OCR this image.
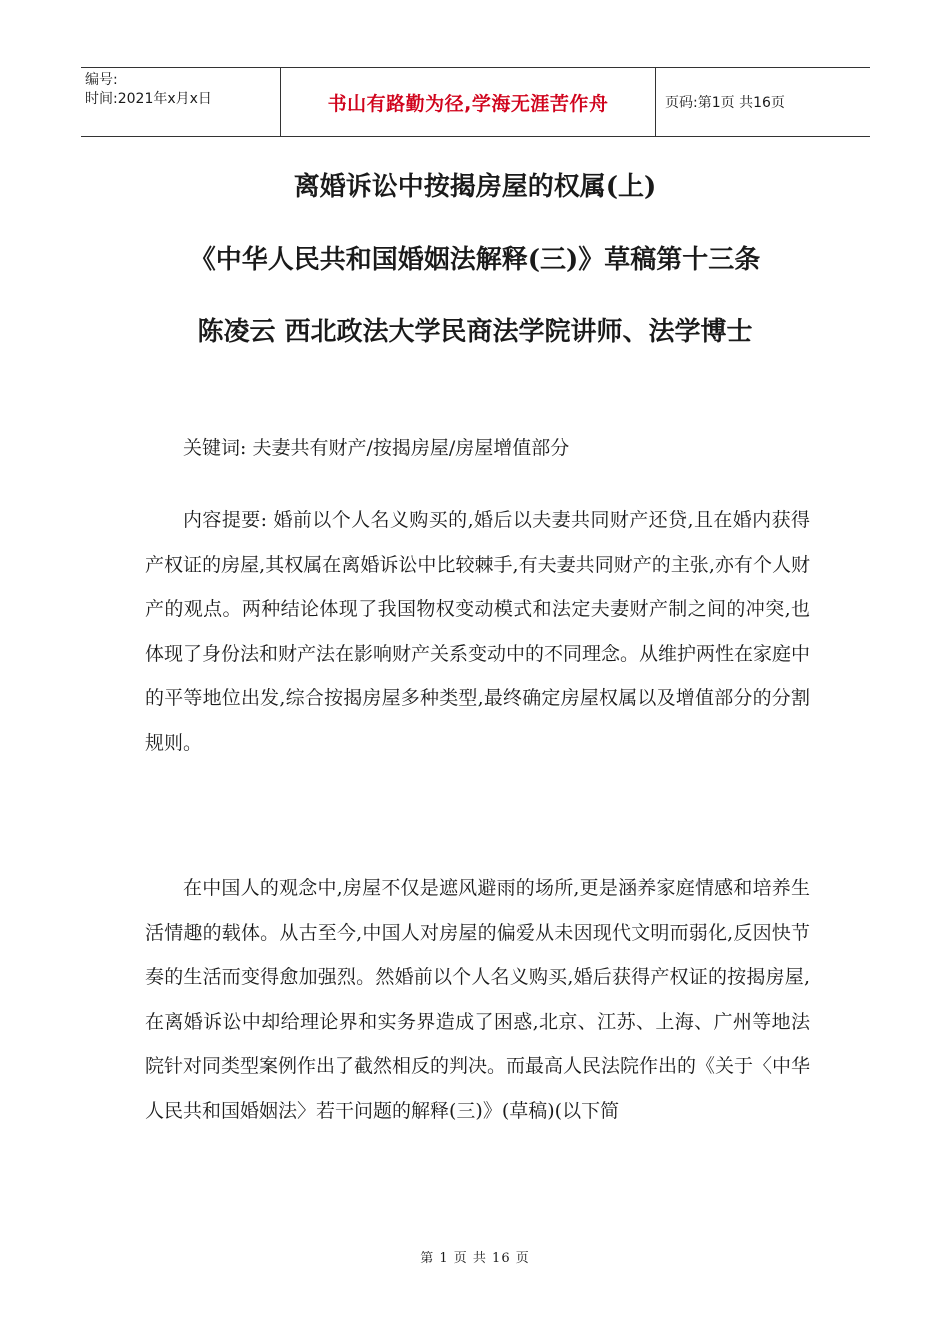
编号:
时间:2021年x月x日	书山有路勤为径,学海无涯苦作舟	页码:第1页 共16页
离婚诉讼中按揭房屋的权属(上)
《中华人民共和国婚姻法解释(三)》草稿第十三条
陈凌云 西北政法大学民商法学院讲师、法学博士

关键词: 夫妻共有财产/按揭房屋/房屋增值部分

内容提要: 婚前以个人名义购买的,婚后以夫妻共同财产还贷,且在婚内获得产权证的房屋,其权属在离婚诉讼中比较棘手,有夫妻共同财产的主张,亦有个人财产的观点。两种结论体现了我国物权变动模式和法定夫妻财产制之间的冲突,也体现了身份法和财产法在影响财产关系变动中的不同理念。从维护两性在家庭中的平等地位出发,综合按揭房屋多种类型,最终确定房屋权属以及增值部分的分割规则。

在中国人的观念中,房屋不仅是遮风避雨的场所,更是涵养家庭情感和培养生活情趣的载体。从古至今,中国人对房屋的偏爱从未因现代文明而弱化,反因快节奏的生活而变得愈加强烈。然婚前以个人名义购买,婚后获得产权证的按揭房屋,在离婚诉讼中却给理论界和实务界造成了困惑,北京、江苏、上海、广州等地法院针对同类型案例作出了截然相反的判决。而最高人民法院作出的《关于〈中华人民共和国婚姻法〉若干问题的解释(三)》(草稿)(以下简

第 1 页 共 16 页
